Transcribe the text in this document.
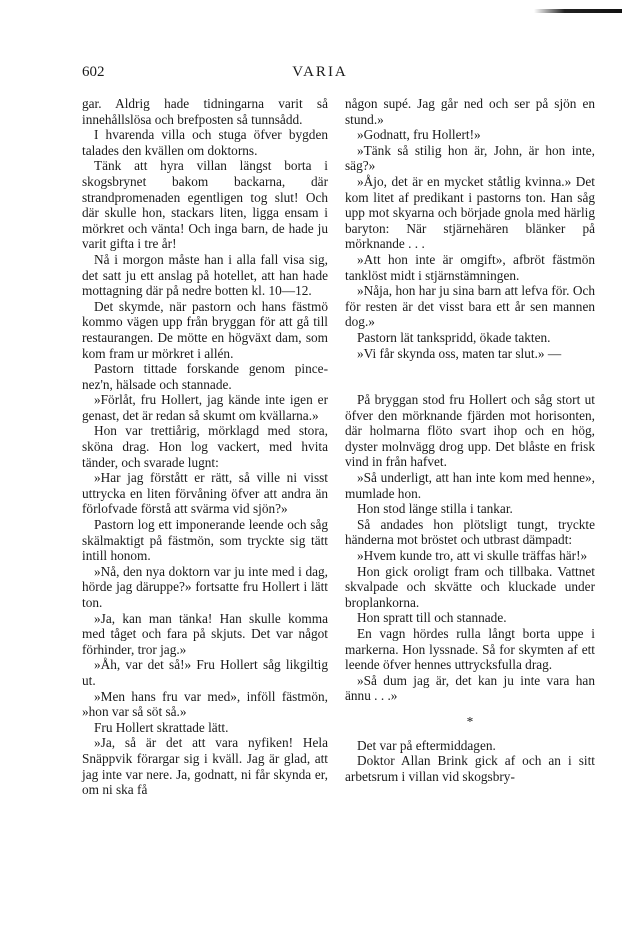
602	VARIA

gar. Aldrig hade tidningarna varit så innehållslösa och brefposten så tunnsådd.

I hvarenda villa och stuga öfver bygden talades den kvällen om doktorns.

Tänk att hyra villan längst borta i skogsbrynet bakom backarna, där strandpromenaden egentligen tog slut! Och där skulle hon, stackars liten, ligga ensam i mörkret och vänta! Och inga barn, de hade ju varit gifta i tre år!

Nå i morgon måste han i alla fall visa sig, det satt ju ett anslag på hotellet, att han hade mottagning där på nedre botten kl. 10—12.

Det skymde, när pastorn och hans fästmö kommo vägen upp från bryggan för att gå till restaurangen. De mötte en högväxt dam, som kom fram ur mörkret i allén.

Pastorn tittade forskande genom pince-nez'n, hälsade och stannade.

»Förlåt, fru Hollert, jag kände inte igen er genast, det är redan så skumt om kvällarna.»

Hon var trettiårig, mörklagd med stora, sköna drag. Hon log vackert, med hvita tänder, och svarade lugnt:

»Har jag förstått er rätt, så ville ni visst uttrycka en liten förvåning öfver att andra än förlofvade förstå att svärma vid sjön?»

Pastorn log ett imponerande leende och såg skälmaktigt på fästmön, som tryckte sig tätt intill honom.

»Nå, den nya doktorn var ju inte med i dag, hörde jag däruppe?» fortsatte fru Hollert i lätt ton.

»Ja, kan man tänka! Han skulle komma med tåget och fara på skjuts. Det var något förhinder, tror jag.»

»Åh, var det så!» Fru Hollert såg likgiltig ut.

»Men hans fru var med», inföll fästmön, »hon var så söt så.»

Fru Hollert skrattade lätt.

»Ja, så är det att vara nyfiken! Hela Snäppvik förargar sig i kväll. Jag är glad, att jag inte var nere. Ja, godnatt, ni får skynda er, om ni ska få

någon supé. Jag går ned och ser på sjön en stund.»

»Godnatt, fru Hollert!»

»Tänk så stilig hon är, John, är hon inte, säg?»

»Åjo, det är en mycket ståtlig kvinna.» Det kom litet af predikant i pastorns ton. Han såg upp mot skyarna och började gnola med härlig baryton: När stjärnehären blänker på mörknande . . .

»Att hon inte är omgift», afbröt fästmön tanklöst midt i stjärnstämningen.

»Nåja, hon har ju sina barn att lefva för. Och för resten är det visst bara ett år sen mannen dog.»

Pastorn lät tankspridd, ökade takten.

»Vi får skynda oss, maten tar slut.» —

På bryggan stod fru Hollert och såg stort ut öfver den mörknande fjärden mot horisonten, där holmarna flöto svart ihop och en hög, dyster molnvägg drog upp. Det blåste en frisk vind in från hafvet.

»Så underligt, att han inte kom med henne», mumlade hon.

Hon stod länge stilla i tankar.

Så andades hon plötsligt tungt, tryckte händerna mot bröstet och utbrast dämpadt:

»Hvem kunde tro, att vi skulle träffas här!»

Hon gick oroligt fram och tillbaka. Vattnet skvalpade och skvätte och kluckade under broplankorna.

Hon spratt till och stannade.

En vagn hördes rulla långt borta uppe i markerna. Hon lyssnade. Så for skymten af ett leende öfver hennes uttrycksfulla drag.

»Så dum jag är, det kan ju inte vara han ännu . . .»

*

Det var på eftermiddagen.

Doktor Allan Brink gick af och an i sitt arbetsrum i villan vid skogsbry-
